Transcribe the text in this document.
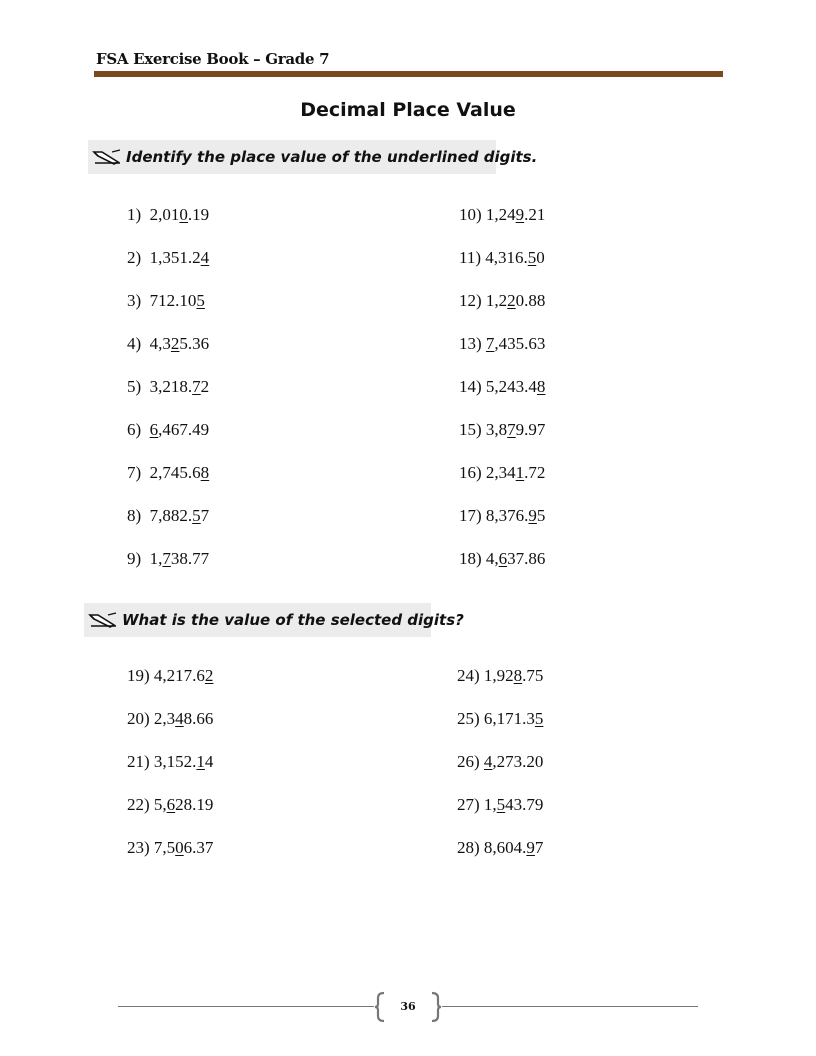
FSA Exercise Book – Grade 7
Decimal Place Value
Identify the place value of the underlined digits.
1)  2,010.19
2)  1,351.24
3)  712.105
4)  4,325.36
5)  3,218.72
6)  6,467.49
7)  2,745.68
8)  7,882.57
9)  1,738.77
10) 1,249.21
11) 4,316.50
12) 1,220.88
13) 7,435.63
14) 5,243.48
15) 3,879.97
16) 2,341.72
17) 8,376.95
18) 4,637.86
What is the value of the selected digits?
19) 4,217.62
20) 2,348.66
21) 3,152.14
22) 5,628.19
23) 7,506.37
24) 1,928.75
25) 6,171.35
26) 4,273.20
27) 1,543.79
28) 8,604.97
36
